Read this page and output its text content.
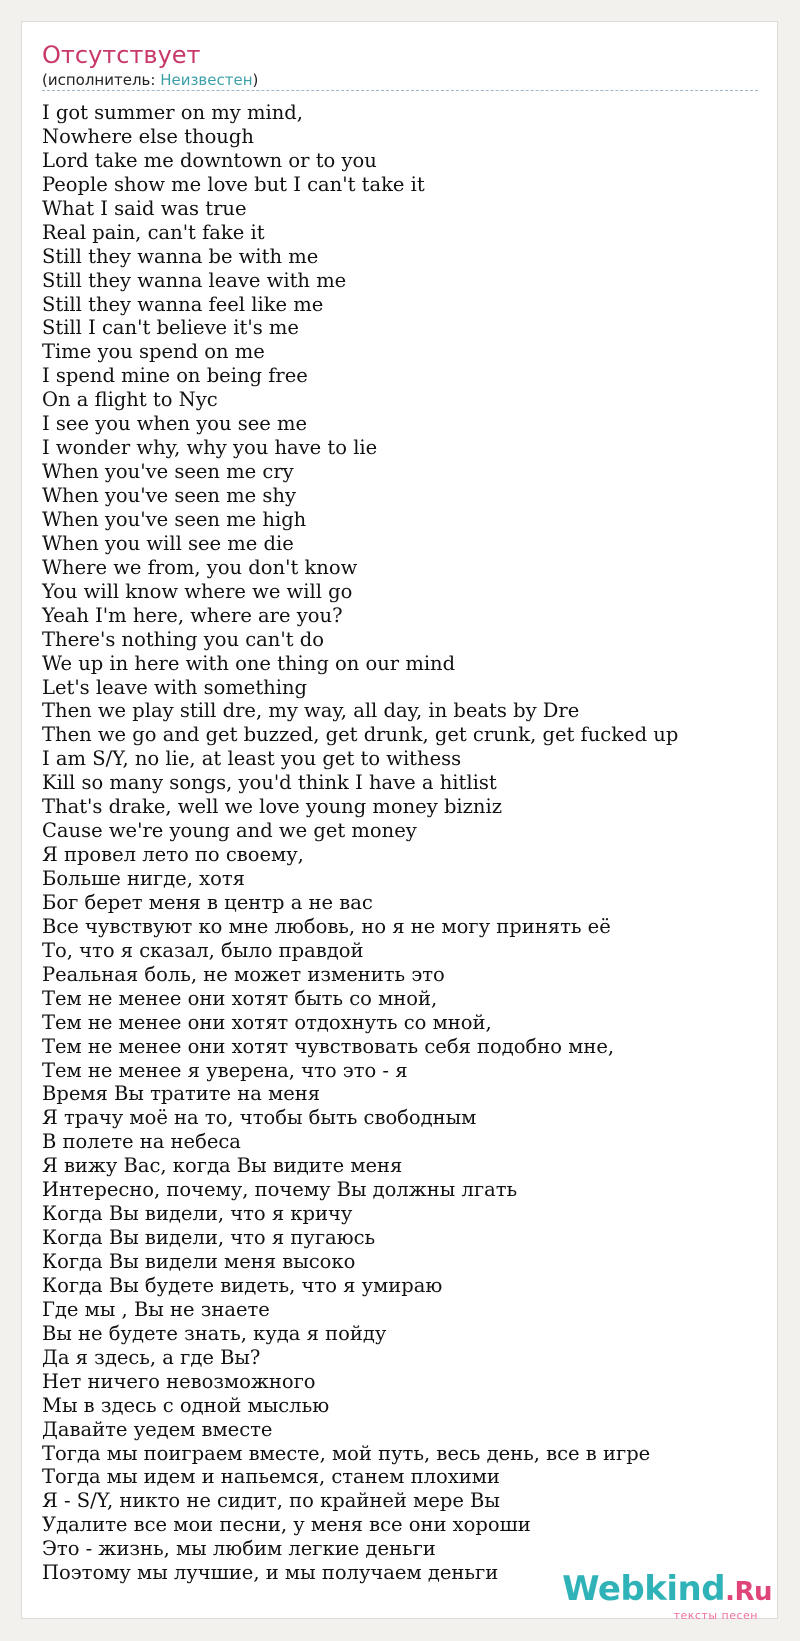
Отсутствует
(исполнитель: Неизвестен)
I got summer on my mind,
Nowhere else though
Lord take me downtown or to you
People show me love but I can't take it
What I said was true
Real pain, can't fake it
Still they wanna be with me
Still they wanna leave with me
Still they wanna feel like me
Still I can't believe it's me
Time you spend on me
I spend mine on being free
On a flight to Nyc
I see you when you see me
I wonder why, why you have to lie
When you've seen me cry
When you've seen me shy
When you've seen me high
When you will see me die
Where we from, you don't know
You will know where we will go
Yeah I'm here, where are you?
There's nothing you can't do
We up in here with one thing on our mind
Let's leave with something
Then we play still dre, my way, all day, in beats by Dre
Then we go and get buzzed, get drunk, get crunk, get fucked up
I am S/Y, no lie, at least you get to withess
Kill so many songs, you'd think I have a hitlist
That's drake, well we love young money bizniz
Cause we're young and we get money
Я провел лето по своему,
Больше нигде, хотя
Бог берет меня в центр а не вас
Все чувствуют ко мне любовь, но я не могу принять её
То, что я сказал, было правдой
Реальная боль, не может изменить это
Тем не менее они хотят быть со мной,
Тем не менее они хотят отдохнуть со мной,
Тем не менее они хотят чувствовать себя подобно мне,
Тем не менее я уверена, что это - я
Время Вы тратите на меня
Я трачу моё на то, чтобы быть свободным
В полете на небеса
Я вижу Вас, когда Вы видите меня
Интересно, почему, почему Вы должны лгать
Когда Вы видели, что я кричу
Когда Вы видели, что я пугаюсь
Когда Вы видели меня высоко
Когда Вы будете видеть, что я умираю
Где мы , Вы не знаете
Вы не будете знать, куда я пойду
Да я здесь, а где Вы?
Нет ничего невозможного
Мы в здесь с одной мыслью
Давайте уедем вместе
Тогда мы поиграем вместе, мой путь, весь день, все в игре
Тогда мы идем и напьемся, станем плохими
Я - S/Y, никто не сидит, по крайней мере Вы
Удалите все мои песни, у меня все они хороши
Это - жизнь, мы любим легкие деньги
Поэтому мы лучшие, и мы получаем деньги	Webkind.Ru
тексты песен
